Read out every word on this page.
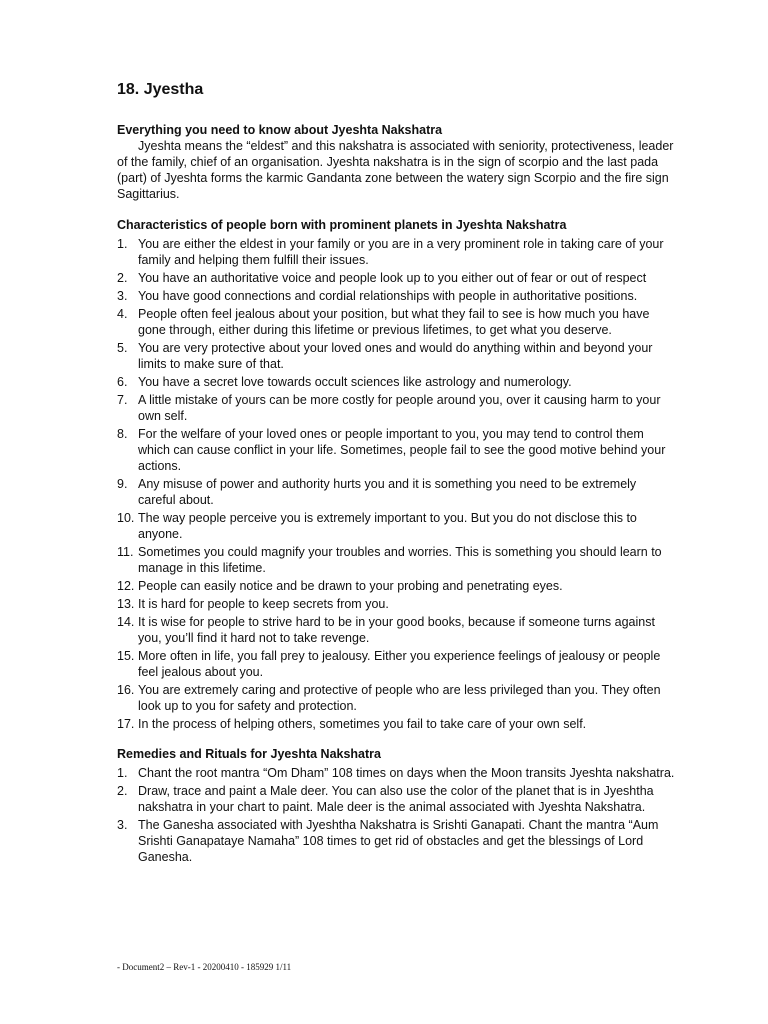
18. Jyestha
Everything you need to know about Jyeshta Nakshatra

Jyeshta means the “eldest” and this nakshatra is associated with seniority, protectiveness, leader of the family, chief of an organisation. Jyeshta nakshatra is in the sign of scorpio and the last pada (part) of Jyeshta forms the karmic Gandanta zone between the watery sign Scorpio and the fire sign Sagittarius.

Characteristics of people born with prominent planets in Jyeshta Nakshatra
1. You are either the eldest in your family or you are in a very prominent role in taking care of your family and helping them fulfill their issues.
2. You have an authoritative voice and people look up to you either out of fear or out of respect
3. You have good connections and cordial relationships with people in authoritative positions.
4. People often feel jealous about your position, but what they fail to see is how much you have gone through, either during this lifetime or previous lifetimes, to get what you deserve.
5. You are very protective about your loved ones and would do anything within and beyond your limits to make sure of that.
6. You have a secret love towards occult sciences like astrology and numerology.
7. A little mistake of yours can be more costly for people around you, over it causing harm to your own self.
8. For the welfare of your loved ones or people important to you, you may tend to control them which can cause conflict in your life. Sometimes, people fail to see the good motive behind your actions.
9. Any misuse of power and authority hurts you and it is something you need to be extremely careful about.
10. The way people perceive you is extremely important to you. But you do not disclose this to anyone.
11. Sometimes you could magnify your troubles and worries. This is something you should learn to manage in this lifetime.
12. People can easily notice and be drawn to your probing and penetrating eyes.
13. It is hard for people to keep secrets from you.
14. It is wise for people to strive hard to be in your good books, because if someone turns against you, you’ll find it hard not to take revenge.
15. More often in life, you fall prey to jealousy. Either you experience feelings of jealousy or people feel jealous about you.
16. You are extremely caring and protective of people who are less privileged than you. They often look up to you for safety and protection.
17. In the process of helping others, sometimes you fail to take care of your own self.
Remedies and Rituals for Jyeshta Nakshatra
1. Chant the root mantra “Om Dham” 108 times on days when the Moon transits Jyeshta nakshatra.
2. Draw, trace and paint a Male deer. You can also use the color of the planet that is in Jyeshtha nakshatra in your chart to paint. Male deer is the animal associated with Jyeshta Nakshatra.
3. The Ganesha associated with Jyeshtha Nakshatra is Srishti Ganapati. Chant the mantra “Aum Srishti Ganapataye Namaha” 108 times to get rid of obstacles and get the blessings of Lord Ganesha.
- Document2 – Rev-1 - 20200410 - 185929 1/11
